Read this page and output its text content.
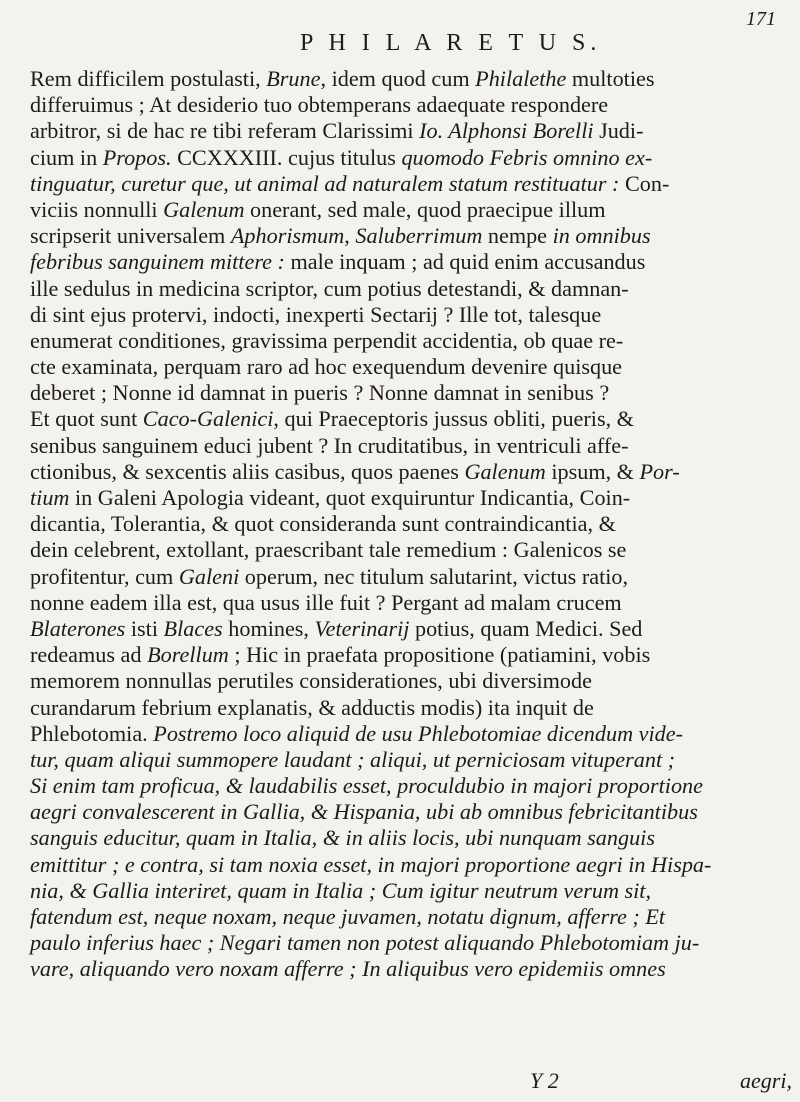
171
P H I L A R E T U S.
Rem difficilem postulasti, Brune, idem quod cum Philalethe multoties
differuimus ; At desiderio tuo obtemperans adaequate respondere
arbitror, si de hac re tibi referam Clarissimi Io. Alphonsi Borelli Judi-
cium in Propos. CCXXXIII. cujus titulus quomodo Febris omnino ex-
tinguatur, curetur que, ut animal ad naturalem statum restituatur : Con-
viciis nonnulli Galenum onerant, sed male, quod praecipue illum
scripserit universalem Aphorismum, Saluberrimum nempe in omnibus
febribus sanguinem mittere : male inquam ; ad quid enim accusandus
ille sedulus in medicina scriptor, cum potius detestandi, & damnan-
di sint ejus protervi, indocti, inexperti Sectarij ? Ille tot, talesque
enumerat conditiones, gravissima perpendit accidentia, ob quae re-
cte examinata, perquam raro ad hoc exequendum devenire quisque
deberet ; Nonne id damnat in pueris ? Nonne damnat in senibus ?
Et quot sunt Caco-Galenici, qui Praeceptoris jussus obliti, pueris, &
senibus sanguinem educi jubent ? In cruditatibus, in ventriculi affe-
ctionibus, & sexcentis aliis casibus, quos paenes Galenum ipsum, & Por-
tium in Galeni Apologia videant, quot exquiruntur Indicantia, Coin-
dicantia, Tolerantia, & quot consideranda sunt contraindicantia, &
dein celebrent, extollant, praescribant tale remedium : Galenicos se
profitentur, cum Galeni operum, nec titulum salutarint, victus ratio,
nonne eadem illa est, qua usus ille fuit ? Pergant ad malam crucem
Blaterones isti Blaces homines, Veterinarij potius, quam Medici. Sed
redeamus ad Borellum ; Hic in praefata propositione (patiamini, vobis
memorem nonnullas perutiles considerationes, ubi diversimode
curandarum febrium explanatis, & adductis modis) ita inquit de
Phlebotomia. Postremo loco aliquid de usu Phlebotomiae dicendum vide-
tur, quam aliqui summopere laudant ; aliqui, ut perniciosam vituperant ;
Si enim tam proficua, & laudabilis esset, proculdubio in majori proportione
aegri convalescerent in Gallia, & Hispania, ubi ab omnibus febricitantibus
sanguis educitur, quam in Italia, & in aliis locis, ubi nunquam sanguis
emittitur ; e contra, si tam noxia esset, in majori proportione aegri in Hispa-
nia, & Gallia interiret, quam in Italia ; Cum igitur neutrum verum sit,
fatendum est, neque noxam, neque juvamen, notatu dignum, afferre ; Et
paulo inferius haec ; Negari tamen non potest aliquando Phlebotomiam ju-
vare, aliquando vero noxam afferre ; In aliquibus vero epidemiis omnes
Y 2	aegri,
